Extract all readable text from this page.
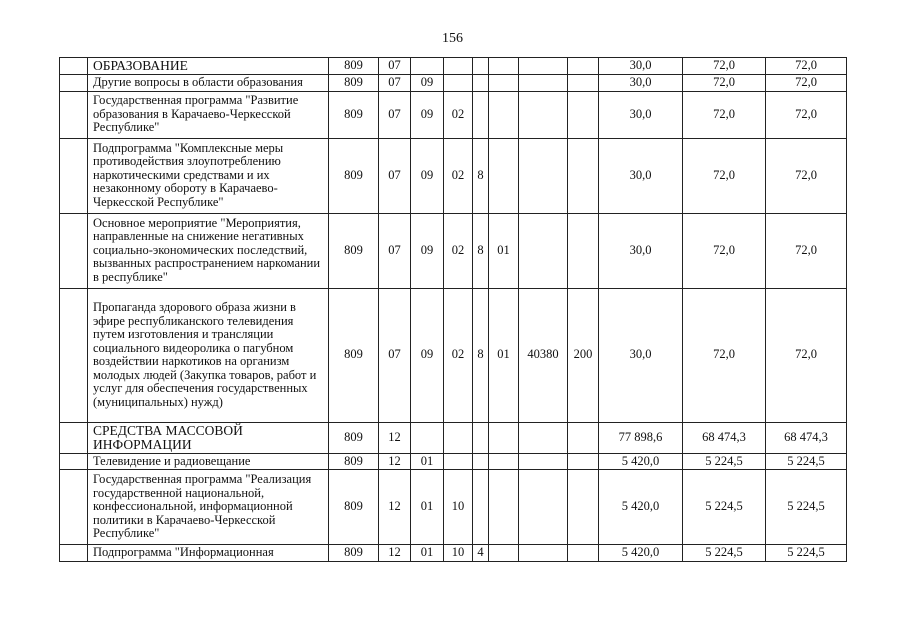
156
	ОБРАЗОВАНИЕ	809	07							30,0	72,0	72,0
	Другие вопросы в области образования	809	07	09						30,0	72,0	72,0
	Государственная программа "Развитие образования в Карачаево-Черкесской Республике"	809	07	09	02					30,0	72,0	72,0
	Подпрограмма "Комплексные меры противодействия злоупотреблению наркотическими средствами и их незаконному обороту в Карачаево-Черкесской Республике"	809	07	09	02	8				30,0	72,0	72,0
	Основное мероприятие "Мероприятия, направленные на снижение негативных социально-экономических последствий, вызванных распространением наркомании в республике"	809	07	09	02	8	01			30,0	72,0	72,0
	Пропаганда здорового образа жизни в эфире республиканского телевидения путем изготовления и трансляции социального видеоролика о пагубном воздействии наркотиков на организм молодых людей (Закупка товаров, работ и услуг для обеспечения государственных (муниципальных) нужд)	809	07	09	02	8	01	40380	200	30,0	72,0	72,0
	СРЕДСТВА МАССОВОЙ ИНФОРМАЦИИ	809	12							77 898,6	68 474,3	68 474,3
	Телевидение и радиовещание	809	12	01						5 420,0	5 224,5	5 224,5
	Государственная программа "Реализация государственной национальной, конфессиональной, информационной политики в Карачаево-Черкесской Республике"	809	12	01	10					5 420,0	5 224,5	5 224,5
	Подпрограмма "Информационная	809	12	01	10	4				5 420,0	5 224,5	5 224,5
